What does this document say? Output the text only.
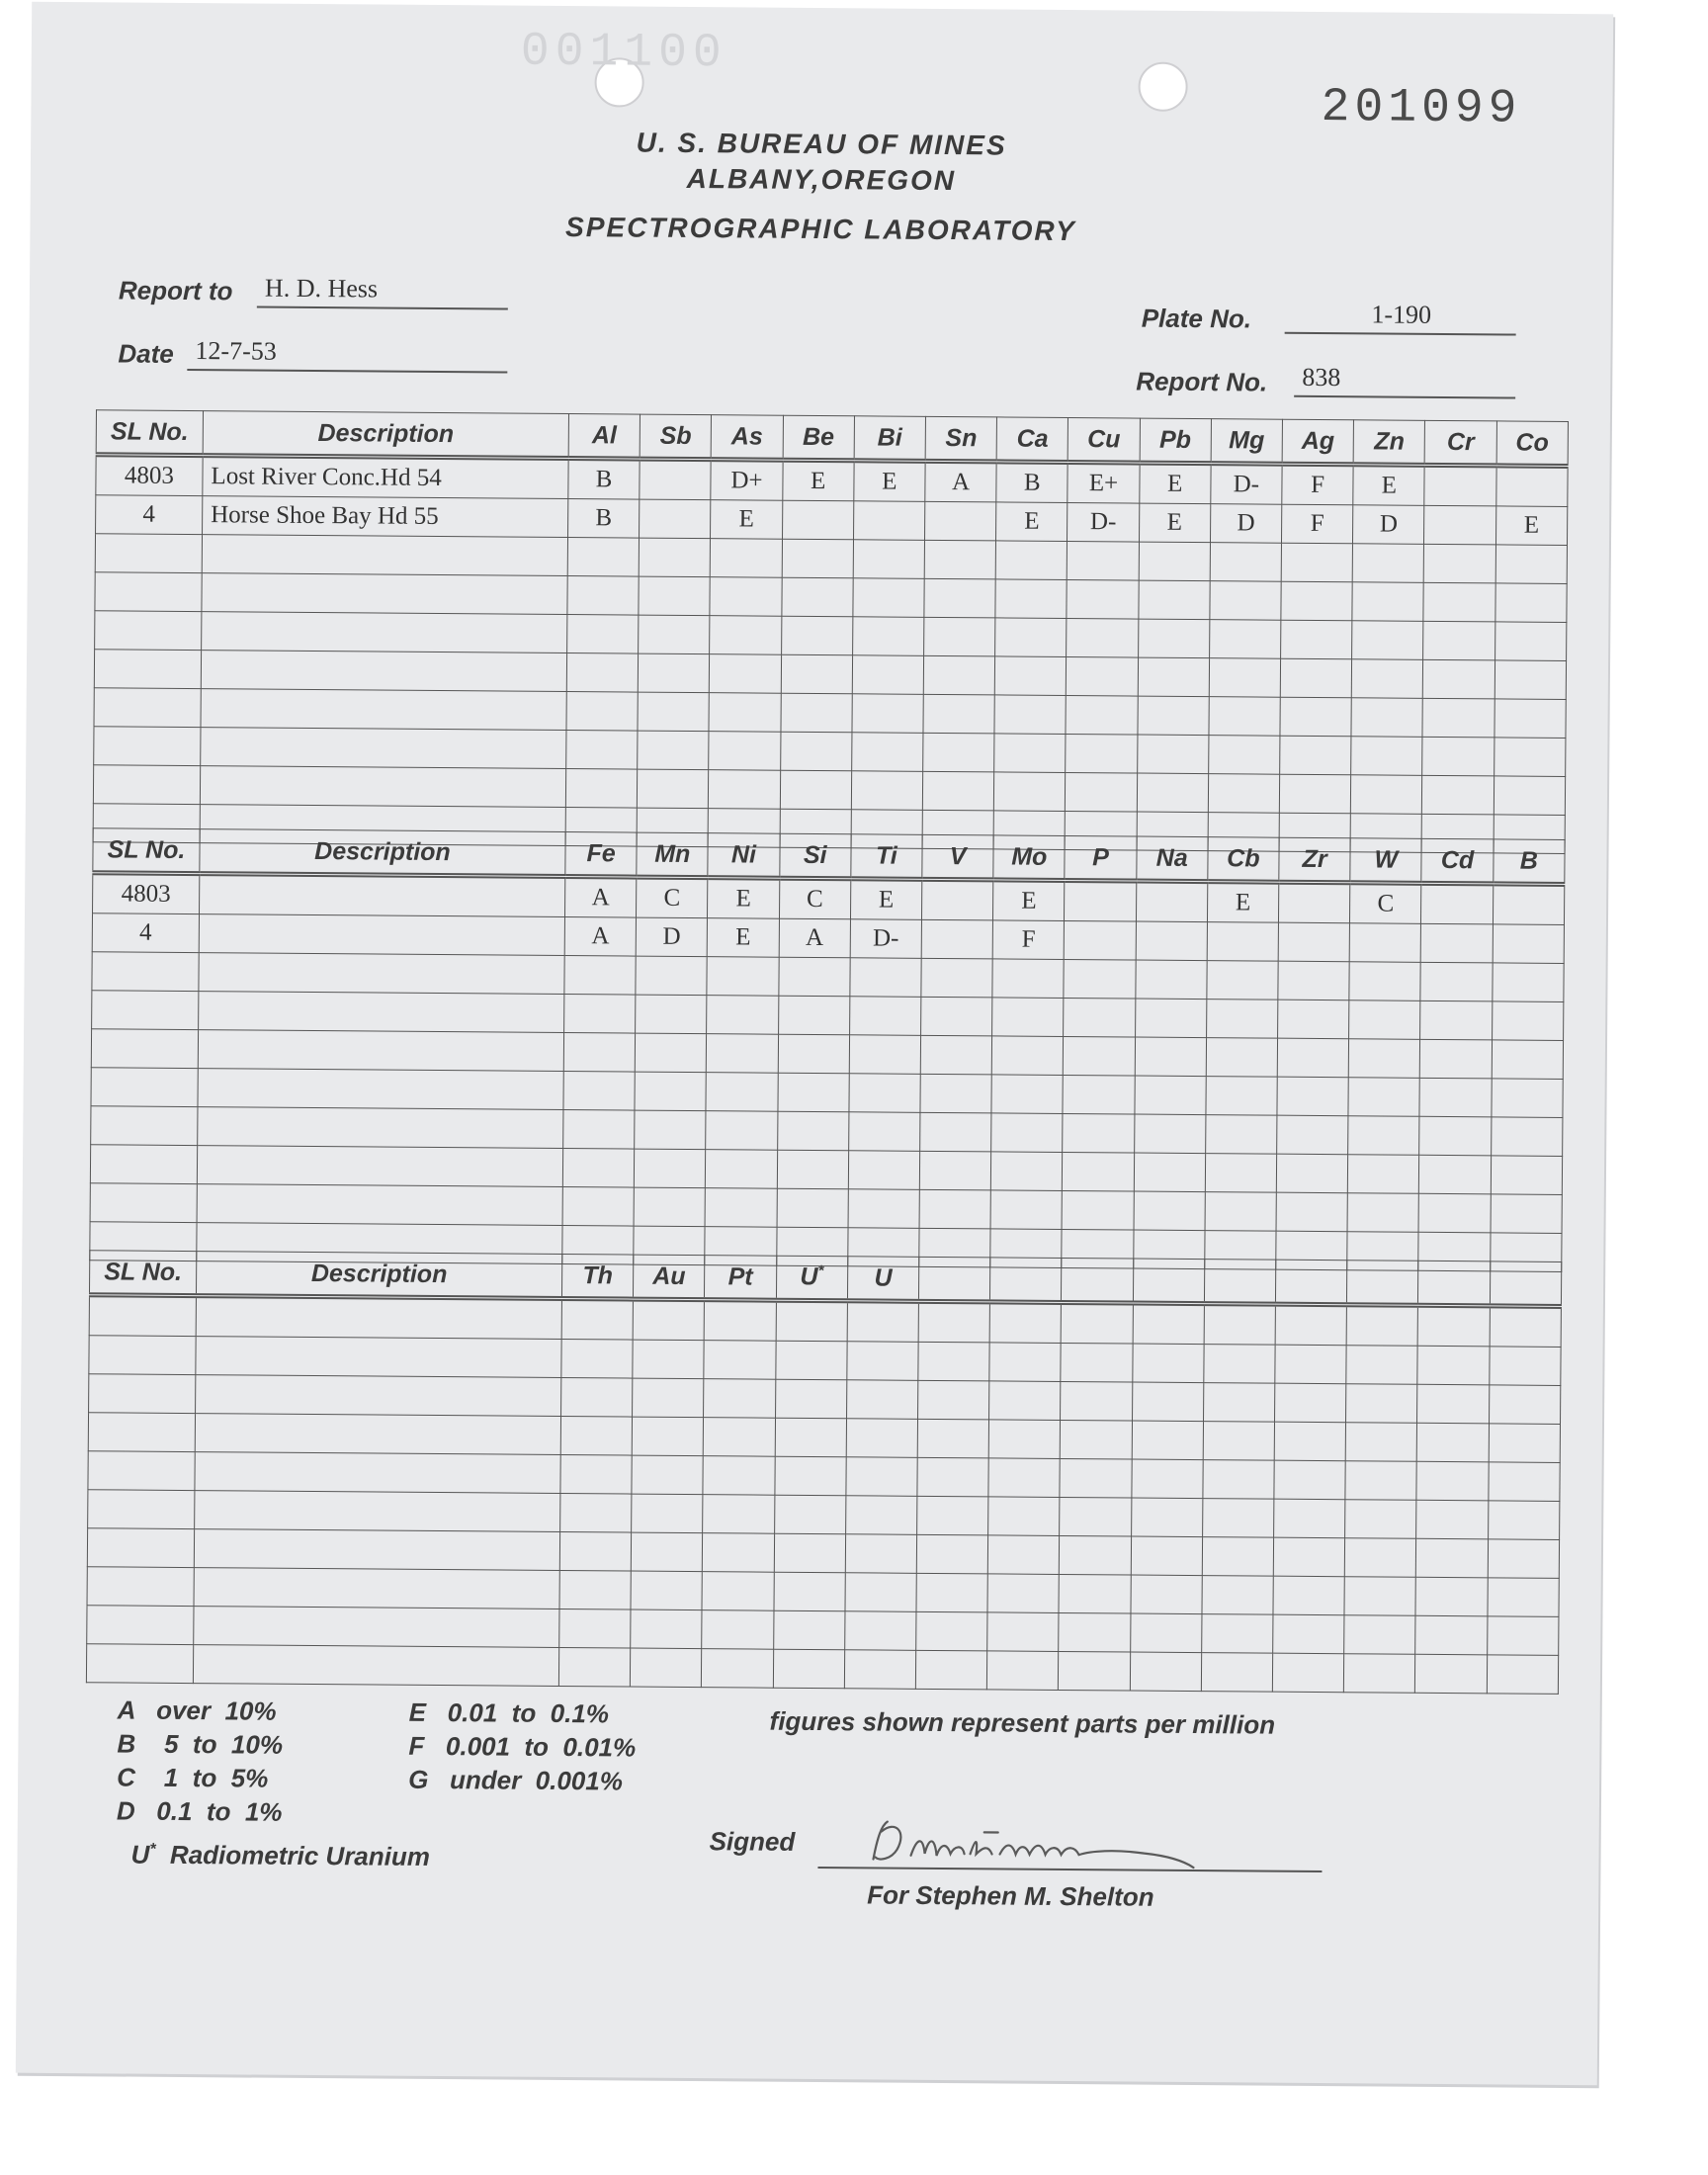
001100
201099
U. S. BUREAU OF MINES
ALBANY,OREGON
SPECTROGRAPHIC LABORATORY
Report to	H. D. Hess
Date 12-7-53
Plate No.	1-190
Report No.	838
SL No.	Description	Al	Sb	As	Be	Bi	Sn	Ca	Cu	Pb	Mg	Ag	Zn	Cr	Co
4803	Lost River Conc.Hd 54	B		D+	E	E	A	B	E+	E	D-	F	E		
4	Horse Shoe Bay Hd 55	B		E				E	D-	E	D	F	D		E

SL No.	Description	Fe	Mn	Ni	Si	Ti	V	Mo	P	Na	Cb	Zr	W	Cd	B
4803		A	C	E	C	E		E			E		C		
4		A	D	E	A	D-		F							

SL No.	Description	Th	Au	Pt	U*	U									

A   over  10%
B    5  to  10%
C    1  to  5%
D   0.1  to  1%
E   0.01  to  0.1%
F   0.001  to  0.01%
G   under  0.001%
figures shown represent parts per million
U* Radiometric Uranium	Signed
For Stephen M. Shelton
